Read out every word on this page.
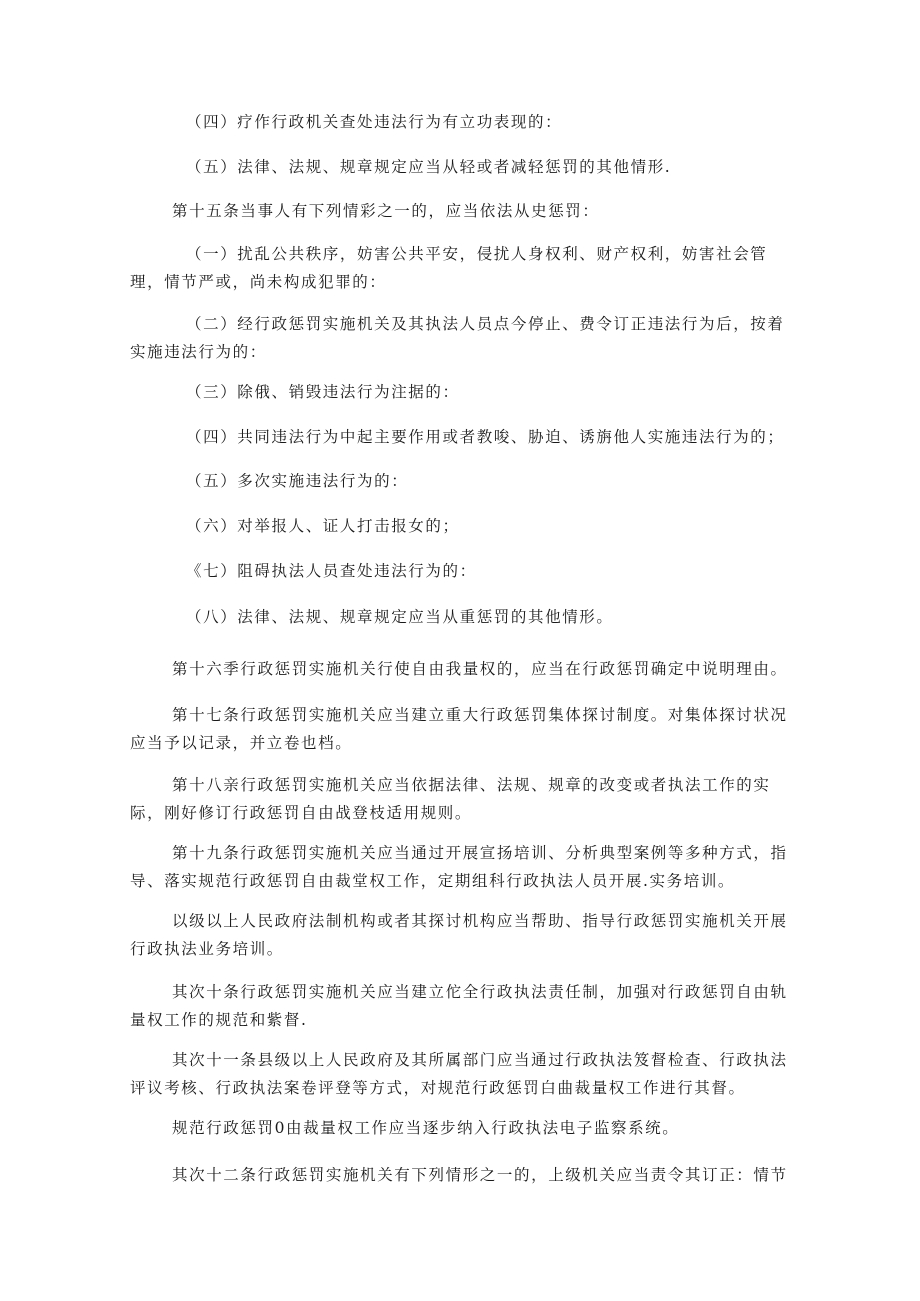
（四）疗作行政机关查处违法行为有立功表现的：

（五）法律、法规、规章规定应当从轻或者减轻惩罚的其他情形.

第十五条当事人有下列情彩之一的，应当依法从史惩罚：

（一）扰乱公共秩序，妨害公共平安，侵扰人身权利、财产权利，妨害社会管理，情节严或，尚未构成犯罪的：

（二）经行政惩罚实施机关及其执法人员点今停止、费令订正违法行为后，按着实施违法行为的：

（三）除俄、销毁违法行为注据的：

（四）共同违法行为中起主要作用或者教唆、胁迫、诱旃他人实施违法行为的；

（五）多次实施违法行为的：

（六）对举报人、证人打击报女的；

《七）阻碍执法人员查处违法行为的：

（八）法律、法规、规章规定应当从重惩罚的其他情形。

第十六季行政惩罚实施机关行使自由我量权的，应当在行政惩罚确定中说明理由。

第十七条行政惩罚实施机关应当建立重大行政惩罚集体探讨制度。对集体探讨状况应当予以记录，并立卷也档。

第十八亲行政惩罚实施机关应当依据法律、法规、规章的改变或者执法工作的实际，刚好修订行政惩罚自由战登枝适用规则。

第十九条行政惩罚实施机关应当通过开展宣扬培训、分析典型案例等多种方式，指导、落实规范行政惩罚自由裁堂权工作，定期组科行政执法人员开展.实务培训。

以级以上人民政府法制机构或者其探讨机构应当帮助、指导行政惩罚实施机关开展行政执法业务培训。

其次十条行政惩罚实施机关应当建立佗全行政执法责任制，加强对行政惩罚自由轨量权工作的规范和紫督.

其次十一条县级以上人民政府及其所属部门应当通过行政执法笈督检查、行政执法评议考核、行政执法案卷评登等方式，对规范行政惩罚白曲裁量权工作进行其督。

规范行政惩罚0由裁量权工作应当逐步纳入行政执法电子监察系统。

其次十二条行政惩罚实施机关有下列情形之一的，上级机关应当责令其订正：情节
